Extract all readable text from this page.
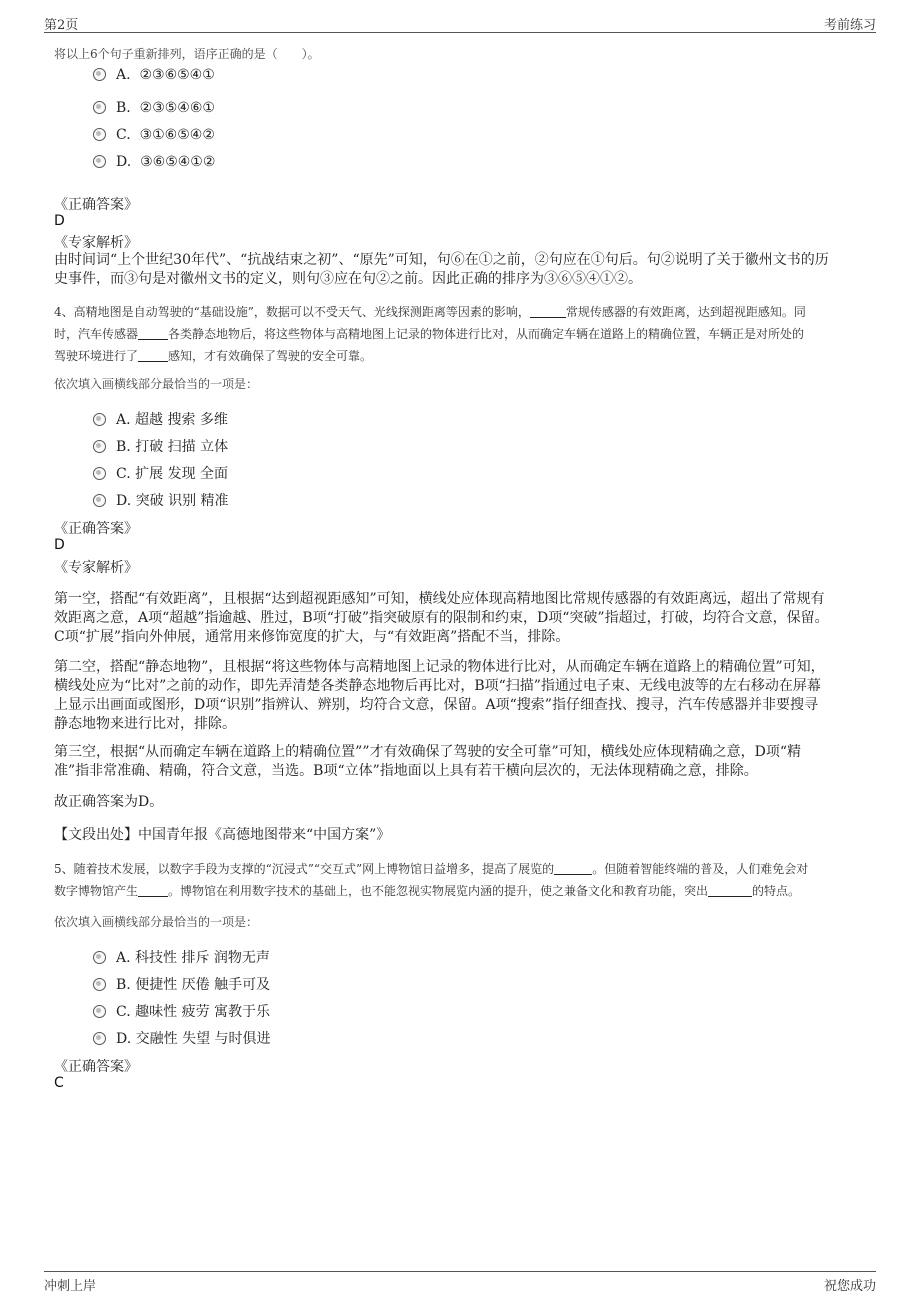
第2页	考前练习
将以上6个句子重新排列，语序正确的是（　　）。
A. ②③⑥⑤④①
B. ②③⑤④⑥①
C. ③①⑥⑤④②
D. ③⑥⑤④①②
《正确答案》
D
《专家解析》
由时间词“上个世纪30年代”、“抗战结束之初”、“原先”可知，句⑥在①之前，②句应在①句后。句②说明了关于徽州文书的历
史事件，而③句是对徽州文书的定义，则句③应在句②之前。因此正确的排序为③⑥⑤④①②。
4、高精地图是自动驾驶的“基础设施”，数据可以不受天气、光线探测距离等因素的影响，	常规传感器的有效距离，达到超视距感知。同
时，汽车传感器	各类静态地物后，将这些物体与高精地图上记录的物体进行比对，从而确定车辆在道路上的精确位置，车辆正是对所处的
驾驶环境进行了	感知，才有效确保了驾驶的安全可靠。
依次填入画横线部分最恰当的一项是：
A. 超越 搜索 多维
B. 打破 扫描 立体
C. 扩展 发现 全面
D. 突破 识别 精准
《正确答案》
D
《专家解析》
第一空，搭配“有效距离”，且根据“达到超视距感知”可知，横线处应体现高精地图比常规传感器的有效距离远，超出了常规有
效距离之意，A项“超越”指逾越、胜过，B项“打破”指突破原有的限制和约束，D项“突破”指超过，打破，均符合文意，保留。
C项“扩展”指向外伸展，通常用来修饰宽度的扩大，与“有效距离”搭配不当，排除。
第二空，搭配“静态地物”，且根据“将这些物体与高精地图上记录的物体进行比对，从而确定车辆在道路上的精确位置”可知，
横线处应为“比对”之前的动作，即先弄清楚各类静态地物后再比对，B项“扫描”指通过电子束、无线电波等的左右移动在屏幕
上显示出画面或图形，D项“识别”指辨认、辨别，均符合文意，保留。A项“搜索”指仔细查找、搜寻，汽车传感器并非要搜寻
静态地物来进行比对，排除。
第三空，根据“从而确定车辆在道路上的精确位置””才有效确保了驾驶的安全可靠”可知，横线处应体现精确之意，D项“精
准”指非常准确、精确，符合文意，当选。B项“立体”指地面以上具有若干横向层次的，无法体现精确之意，排除。
故正确答案为D。
【文段出处】中国青年报《高德地图带来“中国方案”》
5、随着技术发展，以数字手段为支撑的“沉浸式”“交互式”网上博物馆日益增多，提高了展览的	。但随着智能终端的普及，人们难免会对
数字博物馆产生	。博物馆在利用数字技术的基础上，也不能忽视实物展览内涵的提升，使之兼备文化和教育功能，突出	的特点。
依次填入画横线部分最恰当的一项是：
A. 科技性 排斥 润物无声
B. 便捷性 厌倦 触手可及
C. 趣味性 疲劳 寓教于乐
D. 交融性 失望 与时俱进
《正确答案》
C
冲刺上岸	祝您成功
